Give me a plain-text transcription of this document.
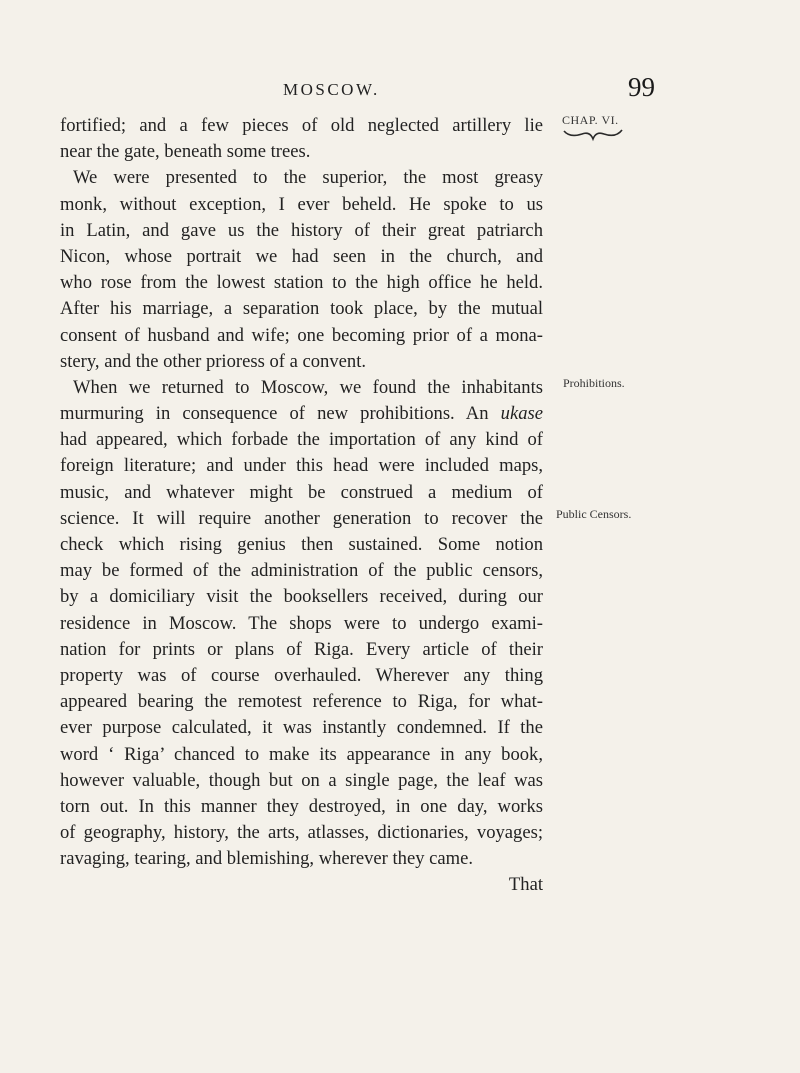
MOSCOW.	99
CHAP. VI.
Prohibitions.
Public Censors.
fortified; and a few pieces of old neglected artillery lie
near the gate, beneath some trees.
We were presented to the superior, the most greasy
monk, without exception, I ever beheld. He spoke to us
in Latin, and gave us the history of their great patriarch
Nicon, whose portrait we had seen in the church, and
who rose from the lowest station to the high office he held.
After his marriage, a separation took place, by the mutual
consent of husband and wife; one becoming prior of a mona-
stery, and the other prioress of a convent.
When we returned to Moscow, we found the inhabitants
murmuring in consequence of new prohibitions. An ukase
had appeared, which forbade the importation of any kind of
foreign literature; and under this head were included maps,
music, and whatever might be construed a medium of
science. It will require another generation to recover the
check which rising genius then sustained. Some notion
may be formed of the administration of the public censors,
by a domiciliary visit the booksellers received, during our
residence in Moscow. The shops were to undergo exami-
nation for prints or plans of Riga. Every article of their
property was of course overhauled. Wherever any thing
appeared bearing the remotest reference to Riga, for what-
ever purpose calculated, it was instantly condemned. If the
word ‘ Riga’ chanced to make its appearance in any book,
however valuable, though but on a single page, the leaf was
torn out. In this manner they destroyed, in one day, works
of geography, history, the arts, atlasses, dictionaries, voyages;
ravaging, tearing, and blemishing, wherever they came.
That
